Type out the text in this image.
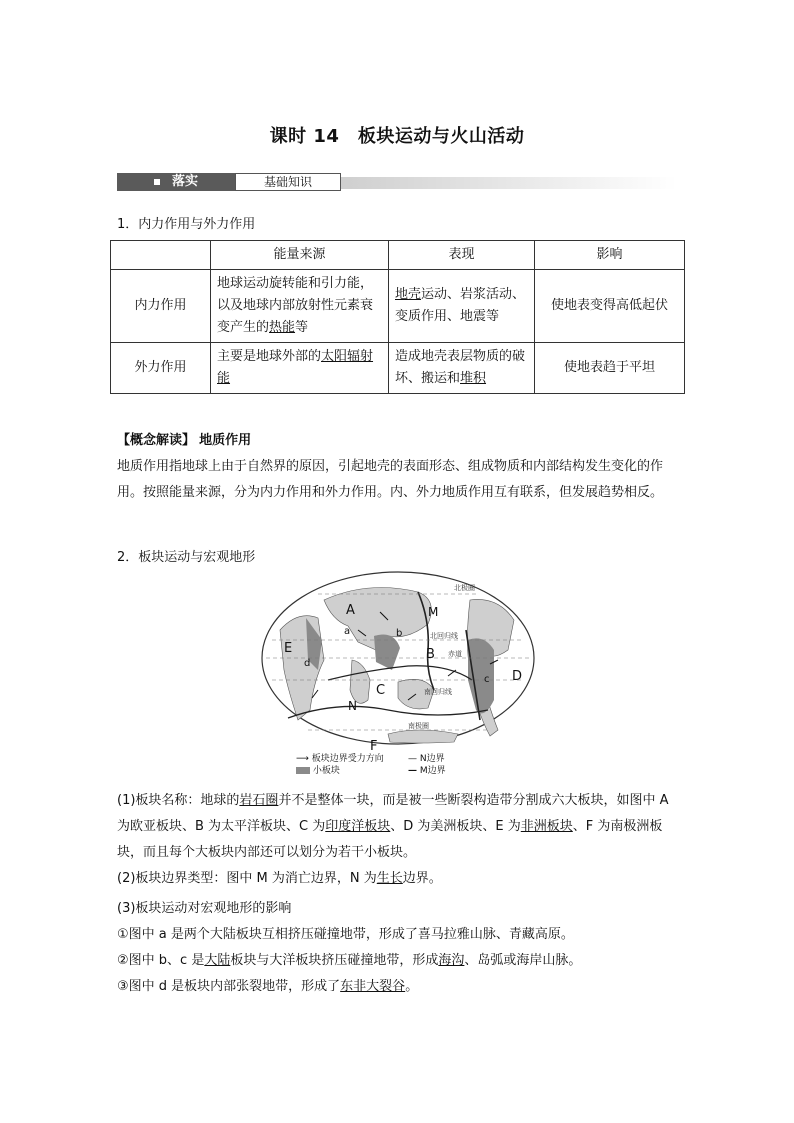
课时 14　板块运动与火山活动
落实	基础知识
1．内力作用与外力作用
	能量来源	表现	影响
内力作用	地球运动旋转能和引力能，以及地球内部放射性元素衰变产生的热能等	地壳运动、岩浆活动、变质作用、地震等	使地表变得高低起伏
外力作用	主要是地球外部的太阳辐射能	造成地壳表层物质的破坏、搬运和堆积	使地表趋于平坦
【概念解读】 地质作用
地质作用指地球上由于自然界的原因，引起地壳的表面形态、组成物质和内部结构发生变化的作用。按照能量来源，分为内力作用和外力作用。内、外力地质作用互有联系，但发展趋势相反。
2．板块运动与宏观地形
A
B
C
D
E
F
a	b
c
d
M
N
北极圈
北回归线
赤道
南回归线
南极圈
⟶ 板块边界受力方向	— N边界
小板块	— M边界
(1)板块名称：地球的岩石圈并不是整体一块，而是被一些断裂构造带分割成六大板块，如图中 A 为欧亚板块、B 为太平洋板块、C 为印度洋板块、D 为美洲板块、E 为非洲板块、F 为南极洲板块，而且每个大板块内部还可以划分为若干小板块。
(2)板块边界类型：图中 M 为消亡边界，N 为生长边界。
(3)板块运动对宏观地形的影响
①图中 a 是两个大陆板块互相挤压碰撞地带，形成了喜马拉雅山脉、青藏高原。
②图中 b、c 是大陆板块与大洋板块挤压碰撞地带，形成海沟、岛弧或海岸山脉。
③图中 d 是板块内部张裂地带，形成了东非大裂谷。
